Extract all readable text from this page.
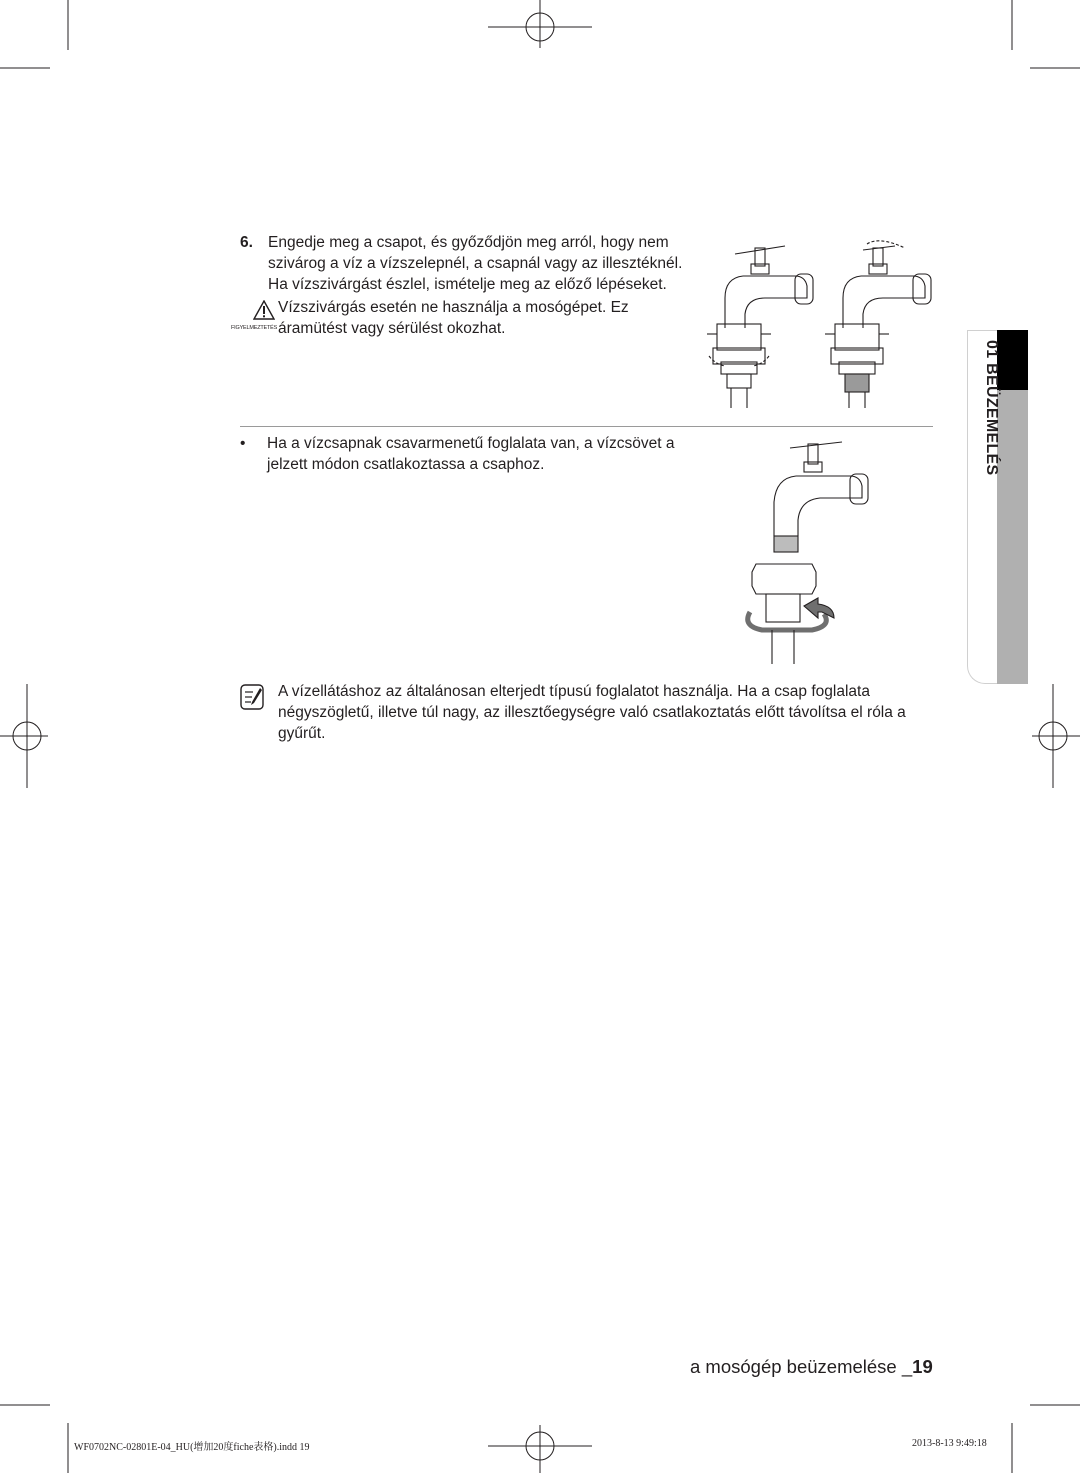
6. Engedje meg a csapot, és győződjön meg arról, hogy nem
szivárog a víz a vízszelepnél, a csapnál vagy az illesztéknél.
Ha vízszivárgást észlel, ismételje meg az előző lépéseket.
FIGYELMEZTETÉS
Vízszivárgás esetén ne használja a mosógépet. Ez
áramütést vagy sérülést okozhat.
• Ha a vízcsapnak csavarmenetű foglalata van, a vízcsövet a
jelzett módon csatlakoztassa a csaphoz.
A vízellátáshoz az általánosan elterjedt típusú foglalatot használja. Ha a csap foglalata
négyszögletű, illetve túl nagy, az illesztőegységre való csatlakoztatás előtt távolítsa el róla a
gyűrűt.
01 BEÜZEMELÉS
a mosógép beüzemelése _19
WF0702NC-02801E-04_HU(增加20度fiche表格).indd 19	2013-8-13 9:49:18
